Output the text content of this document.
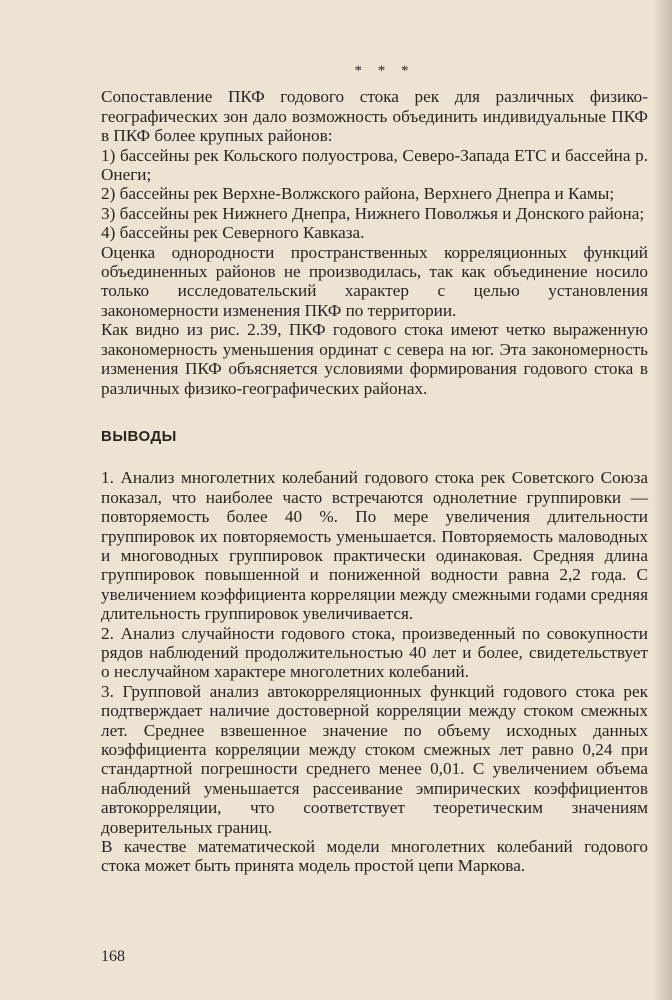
* * *

Сопоставление ПКФ годового стока рек для различных физико-географических зон дало возможность объединить индивидуальные ПКФ в ПКФ более крупных районов:

1) бассейны рек Кольского полуострова, Северо-Запада ЕТС и бассейна р. Онеги;

2) бассейны рек Верхне-Волжского района, Верхнего Днепра и Камы;

3) бассейны рек Нижнего Днепра, Нижнего Поволжья и Донского района;

4) бассейны рек Северного Кавказа.

Оценка однородности пространственных корреляционных функций объединенных районов не производилась, так как объединение носило только исследовательский характер с целью установления закономерности изменения ПКФ по территории.

Как видно из рис. 2.39, ПКФ годового стока имеют четко выраженную закономерность уменьшения ординат с севера на юг. Эта закономерность изменения ПКФ объясняется условиями формирования годового стока в различных физико-географических районах.

ВЫВОДЫ

1. Анализ многолетних колебаний годового стока рек Советского Союза показал, что наиболее часто встречаются однолетние группировки — повторяемость более 40 %. По мере увеличения длительности группировок их повторяемость уменьшается. Повторяемость маловодных и многоводных группировок практически одинаковая. Средняя длина группировок повышенной и пониженной водности равна 2,2 года. С увеличением коэффициента корреляции между смежными годами средняя длительность группировок увеличивается.

2. Анализ случайности годового стока, произведенный по совокупности рядов наблюдений продолжительностью 40 лет и более, свидетельствует о неслучайном характере многолетних колебаний.

3. Групповой анализ автокорреляционных функций годового стока рек подтверждает наличие достоверной корреляции между стоком смежных лет. Среднее взвешенное значение по объему исходных данных коэффициента корреляции между стоком смежных лет равно 0,24 при стандартной погрешности среднего менее 0,01. С увеличением объема наблюдений уменьшается рассеивание эмпирических коэффициентов автокорреляции, что соответствует теоретическим значениям доверительных границ.

В качестве математической модели многолетних колебаний годового стока может быть принята модель простой цепи Маркова.

168
